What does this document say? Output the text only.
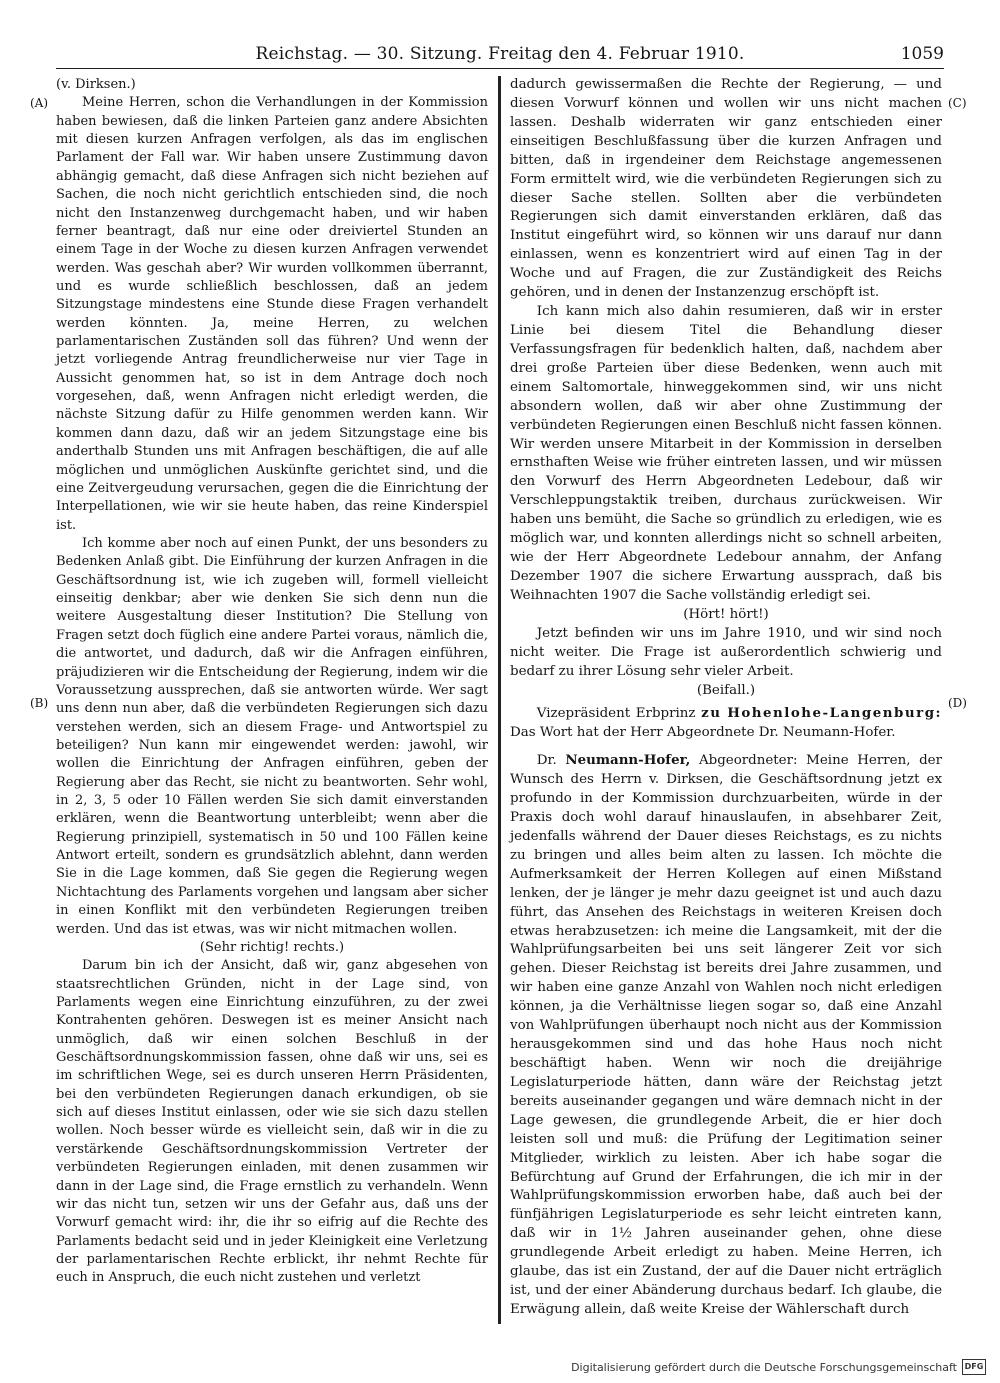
Reichstag. — 30. Sitzung. Freitag den 4. Februar 1910.	1059
(A)
(B)
(C)
(D)

(v. Dirksen.)

Meine Herren, schon die Verhandlungen in der Kommission haben bewiesen, daß die linken Parteien ganz andere Absichten mit diesen kurzen Anfragen verfolgen, als das im englischen Parlament der Fall war. Wir haben unsere Zustimmung davon abhängig gemacht, daß diese Anfragen sich nicht beziehen auf Sachen, die noch nicht gerichtlich entschieden sind, die noch nicht den Instanzenweg durchgemacht haben, und wir haben ferner beantragt, daß nur eine oder dreiviertel Stunden an einem Tage in der Woche zu diesen kurzen Anfragen verwendet werden. Was geschah aber? Wir wurden vollkommen überrannt, und es wurde schließlich beschlossen, daß an jedem Sitzungstage mindestens eine Stunde diese Fragen verhandelt werden könnten. Ja, meine Herren, zu welchen parlamentarischen Zuständen soll das führen? Und wenn der jetzt vorliegende Antrag freundlicherweise nur vier Tage in Aussicht genommen hat, so ist in dem Antrage doch noch vorgesehen, daß, wenn Anfragen nicht erledigt werden, die nächste Sitzung dafür zu Hilfe genommen werden kann. Wir kommen dann dazu, daß wir an jedem Sitzungstage eine bis anderthalb Stunden uns mit Anfragen beschäftigen, die auf alle möglichen und unmöglichen Auskünfte gerichtet sind, und die eine Zeitvergeudung verursachen, gegen die die Einrichtung der Interpellationen, wie wir sie heute haben, das reine Kinderspiel ist.

Ich komme aber noch auf einen Punkt, der uns besonders zu Bedenken Anlaß gibt. Die Einführung der kurzen Anfragen in die Geschäftsordnung ist, wie ich zugeben will, formell vielleicht einseitig denkbar; aber wie denken Sie sich denn nun die weitere Ausgestaltung dieser Institution? Die Stellung von Fragen setzt doch füglich eine andere Partei voraus, nämlich die, die antwortet, und dadurch, daß wir die Anfragen einführen, präjudizieren wir die Entscheidung der Regierung, indem wir die Voraussetzung aussprechen, daß sie antworten würde. Wer sagt uns denn nun aber, daß die verbündeten Regierungen sich dazu verstehen werden, sich an diesem Frage- und Antwortspiel zu beteiligen? Nun kann mir eingewendet werden: jawohl, wir wollen die Einrichtung der Anfragen einführen, geben der Regierung aber das Recht, sie nicht zu beantworten. Sehr wohl, in 2, 3, 5 oder 10 Fällen werden Sie sich damit einverstanden erklären, wenn die Beantwortung unterbleibt; wenn aber die Regierung prinzipiell, systematisch in 50 und 100 Fällen keine Antwort erteilt, sondern es grundsätzlich ablehnt, dann werden Sie in die Lage kommen, daß Sie gegen die Regierung wegen Nichtachtung des Parlaments vorgehen und langsam aber sicher in einen Konflikt mit den verbündeten Regierungen treiben werden. Und das ist etwas, was wir nicht mitmachen wollen.

(Sehr richtig! rechts.)

Darum bin ich der Ansicht, daß wir, ganz abgesehen von staatsrechtlichen Gründen, nicht in der Lage sind, von Parlaments wegen eine Einrichtung einzuführen, zu der zwei Kontrahenten gehören. Deswegen ist es meiner Ansicht nach unmöglich, daß wir einen solchen Beschluß in der Geschäftsordnungskommission fassen, ohne daß wir uns, sei es im schriftlichen Wege, sei es durch unseren Herrn Präsidenten, bei den verbündeten Regierungen danach erkundigen, ob sie sich auf dieses Institut einlassen, oder wie sie sich dazu stellen wollen. Noch besser würde es vielleicht sein, daß wir in die zu verstärkende Geschäftsordnungskommission Vertreter der verbündeten Regierungen einladen, mit denen zusammen wir dann in der Lage sind, die Frage ernstlich zu verhandeln. Wenn wir das nicht tun, setzen wir uns der Gefahr aus, daß uns der Vorwurf gemacht wird: ihr, die ihr so eifrig auf die Rechte des Parlaments bedacht seid und in jeder Kleinigkeit eine Verletzung der parlamentarischen Rechte erblickt, ihr nehmt Rechte für euch in Anspruch, die euch nicht zustehen und verletzt

dadurch gewissermaßen die Rechte der Regierung, — und diesen Vorwurf können und wollen wir uns nicht machen lassen. Deshalb widerraten wir ganz entschieden einer einseitigen Beschlußfassung über die kurzen Anfragen und bitten, daß in irgendeiner dem Reichstage angemessenen Form ermittelt wird, wie die verbündeten Regierungen sich zu dieser Sache stellen. Sollten aber die verbündeten Regierungen sich damit einverstanden erklären, daß das Institut eingeführt wird, so können wir uns darauf nur dann einlassen, wenn es konzentriert wird auf einen Tag in der Woche und auf Fragen, die zur Zuständigkeit des Reichs gehören, und in denen der Instanzenzug erschöpft ist.

Ich kann mich also dahin resumieren, daß wir in erster Linie bei diesem Titel die Behandlung dieser Verfassungsfragen für bedenklich halten, daß, nachdem aber drei große Parteien über diese Bedenken, wenn auch mit einem Saltomortale, hinweggekommen sind, wir uns nicht absondern wollen, daß wir aber ohne Zustimmung der verbündeten Regierungen einen Beschluß nicht fassen können. Wir werden unsere Mitarbeit in der Kommission in derselben ernsthaften Weise wie früher eintreten lassen, und wir müssen den Vorwurf des Herrn Abgeordneten Ledebour, daß wir Verschleppungstaktik treiben, durchaus zurückweisen. Wir haben uns bemüht, die Sache so gründlich zu erledigen, wie es möglich war, und konnten allerdings nicht so schnell arbeiten, wie der Herr Abgeordnete Ledebour annahm, der Anfang Dezember 1907 die sichere Erwartung aussprach, daß bis Weihnachten 1907 die Sache vollständig erledigt sei.

(Hört! hört!)

Jetzt befinden wir uns im Jahre 1910, und wir sind noch nicht weiter. Die Frage ist außerordentlich schwierig und bedarf zu ihrer Lösung sehr vieler Arbeit.

(Beifall.)

Vizepräsident Erbprinz zu Hohenlohe-Langenburg: Das Wort hat der Herr Abgeordnete Dr. Neumann-Hofer.

Dr. Neumann-Hofer, Abgeordneter: Meine Herren, der Wunsch des Herrn v. Dirksen, die Geschäftsordnung jetzt ex profundo in der Kommission durchzuarbeiten, würde in der Praxis doch wohl darauf hinauslaufen, in absehbarer Zeit, jedenfalls während der Dauer dieses Reichstags, es zu nichts zu bringen und alles beim alten zu lassen. Ich möchte die Aufmerksamkeit der Herren Kollegen auf einen Mißstand lenken, der je länger je mehr dazu geeignet ist und auch dazu führt, das Ansehen des Reichstags in weiteren Kreisen doch etwas herabzusetzen: ich meine die Langsamkeit, mit der die Wahlprüfungsarbeiten bei uns seit längerer Zeit vor sich gehen. Dieser Reichstag ist bereits drei Jahre zusammen, und wir haben eine ganze Anzahl von Wahlen noch nicht erledigen können, ja die Verhältnisse liegen sogar so, daß eine Anzahl von Wahlprüfungen überhaupt noch nicht aus der Kommission herausgekommen sind und das hohe Haus noch nicht beschäftigt haben. Wenn wir noch die dreijährige Legislaturperiode hätten, dann wäre der Reichstag jetzt bereits auseinander gegangen und wäre demnach nicht in der Lage gewesen, die grundlegende Arbeit, die er hier doch leisten soll und muß: die Prüfung der Legitimation seiner Mitglieder, wirklich zu leisten. Aber ich habe sogar die Befürchtung auf Grund der Erfahrungen, die ich mir in der Wahlprüfungskommission erworben habe, daß auch bei der fünfjährigen Legislaturperiode es sehr leicht eintreten kann, daß wir in 1½ Jahren auseinander gehen, ohne diese grundlegende Arbeit erledigt zu haben. Meine Herren, ich glaube, das ist ein Zustand, der auf die Dauer nicht erträglich ist, und der einer Abänderung durchaus bedarf. Ich glaube, die Erwägung allein, daß weite Kreise der Wählerschaft durch

Digitalisierung gefördert durch die Deutsche Forschungsgemeinschaft DFG
